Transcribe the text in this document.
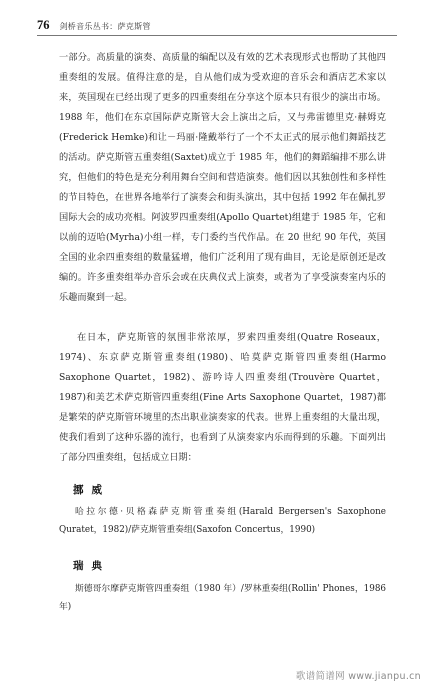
76 剑桥音乐丛书：萨克斯管

一部分。高质量的演奏、高质量的编配以及有效的艺术表现形式也帮助了其他四重奏组的发展。值得注意的是，自从他们成为受欢迎的音乐会和酒店艺术家以来，英国现在已经出现了更多的四重奏组在分享这个原本只有很少的演出市场。1988 年，他们在东京国际萨克斯管大会上演出之后，又与弗雷德里克·赫姆克(Frederick Hemke)和让－玛丽·隆戴举行了一个不太正式的展示他们舞蹈技艺的活动。萨克斯管五重奏组(Saxtet)成立于 1985 年，他们的舞蹈编排不那么讲究，但他们的特色是充分利用舞台空间和营造演奏。他们因以其独创性和多样性的节目特色，在世界各地举行了演奏会和街头演出，其中包括 1992 年在佩扎罗国际大会的成功亮相。阿波罗四重奏组(Apollo Quartet)组建于 1985 年，它和以前的迈哈(Myrha)小组一样，专门委约当代作品。在 20 世纪 90 年代，英国全国的业余四重奏组的数量猛增，他们广泛利用了现有曲目，无论是原创还是改编的。许多重奏组举办音乐会或在庆典仪式上演奏，或者为了享受演奏室内乐的乐趣而聚到一起。

在日本，萨克斯管的氛围非常浓厚，罗索四重奏组(Quatre Roseaux，1974)、东京萨克斯管重奏组(1980)、哈莫萨克斯管四重奏组(Harmo Saxophone Quartet，1982)、游吟诗人四重奏组(Trouvère Quartet，1987)和美艺术萨克斯管四重奏组(Fine Arts Saxophone Quartet，1987)都是繁荣的萨克斯管环境里的杰出职业演奏家的代表。世界上重奏组的大量出现，使我们看到了这种乐器的流行，也看到了从演奏家内乐而得到的乐趣。下面列出了部分四重奏组，包括成立日期：

挪威

哈拉尔德·贝格森萨克斯管重奏组(Harald Bergersen's Saxophone Quratet，1982)/萨克斯管重奏组(Saxofon Concertus，1990)

瑞典

斯德哥尔摩萨克斯管四重奏组（1980 年）/罗林重奏组(Rollin' Phones，1986 年)

歌谱简谱网 www.jianpu.cn
